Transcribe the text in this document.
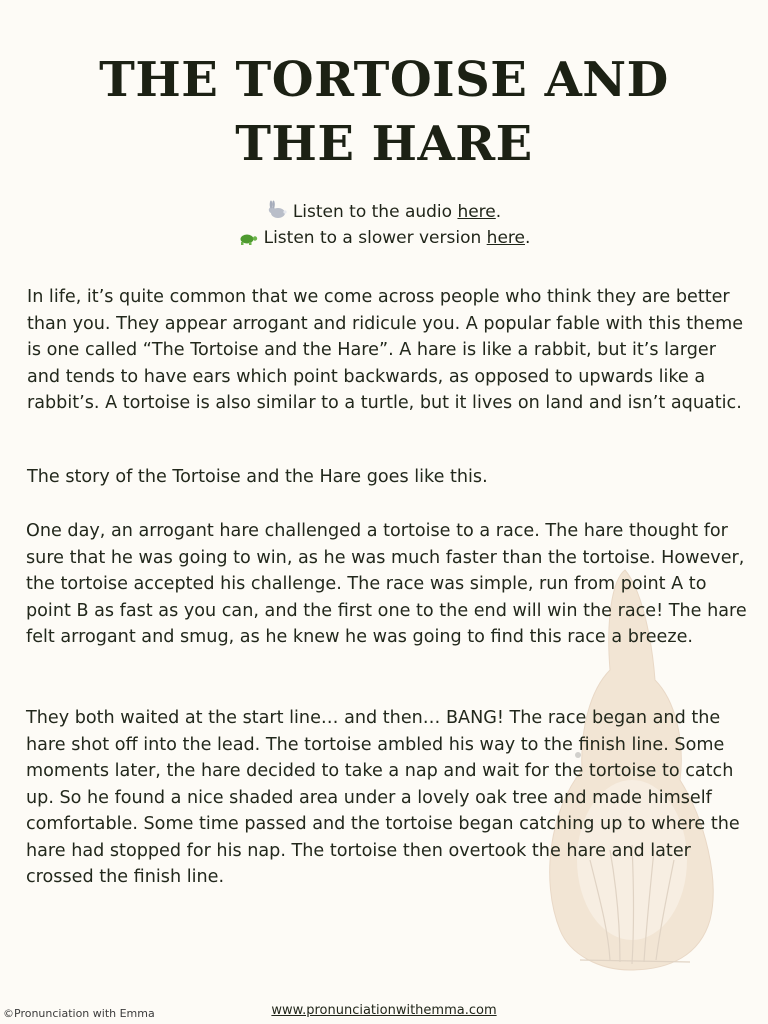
THE TORTOISE AND
THE HARE
Listen to the audio here.
Listen to a slower version here.

In life, it’s quite common that we come across people who think they are better than you. They appear arrogant and ridicule you. A popular fable with this theme is one called “The Tortoise and the Hare”. A hare is like a rabbit, but it’s larger and tends to have ears which point backwards, as opposed to upwards like a rabbit’s. A tortoise is also similar to a turtle, but it lives on land and isn’t aquatic.

The story of the Tortoise and the Hare goes like this.

One day, an arrogant hare challenged a tortoise to a race. The hare thought for sure that he was going to win, as he was much faster than the tortoise. However, the tortoise accepted his challenge. The race was simple, run from point A to point B as fast as you can, and the first one to the end will win the race! The hare felt arrogant and smug, as he knew he was going to find this race a breeze.

They both waited at the start line… and then… BANG! The race began and the hare shot off into the lead. The tortoise ambled his way to the finish line. Some moments later, the hare decided to take a nap and wait for the tortoise to catch up. So he found a nice shaded area under a lovely oak tree and made himself comfortable. Some time passed and the tortoise began catching up to where the hare had stopped for his nap. The tortoise then overtook the hare and later crossed the finish line.

©Pronunciation with Emma	www.pronunciationwithemma.com
